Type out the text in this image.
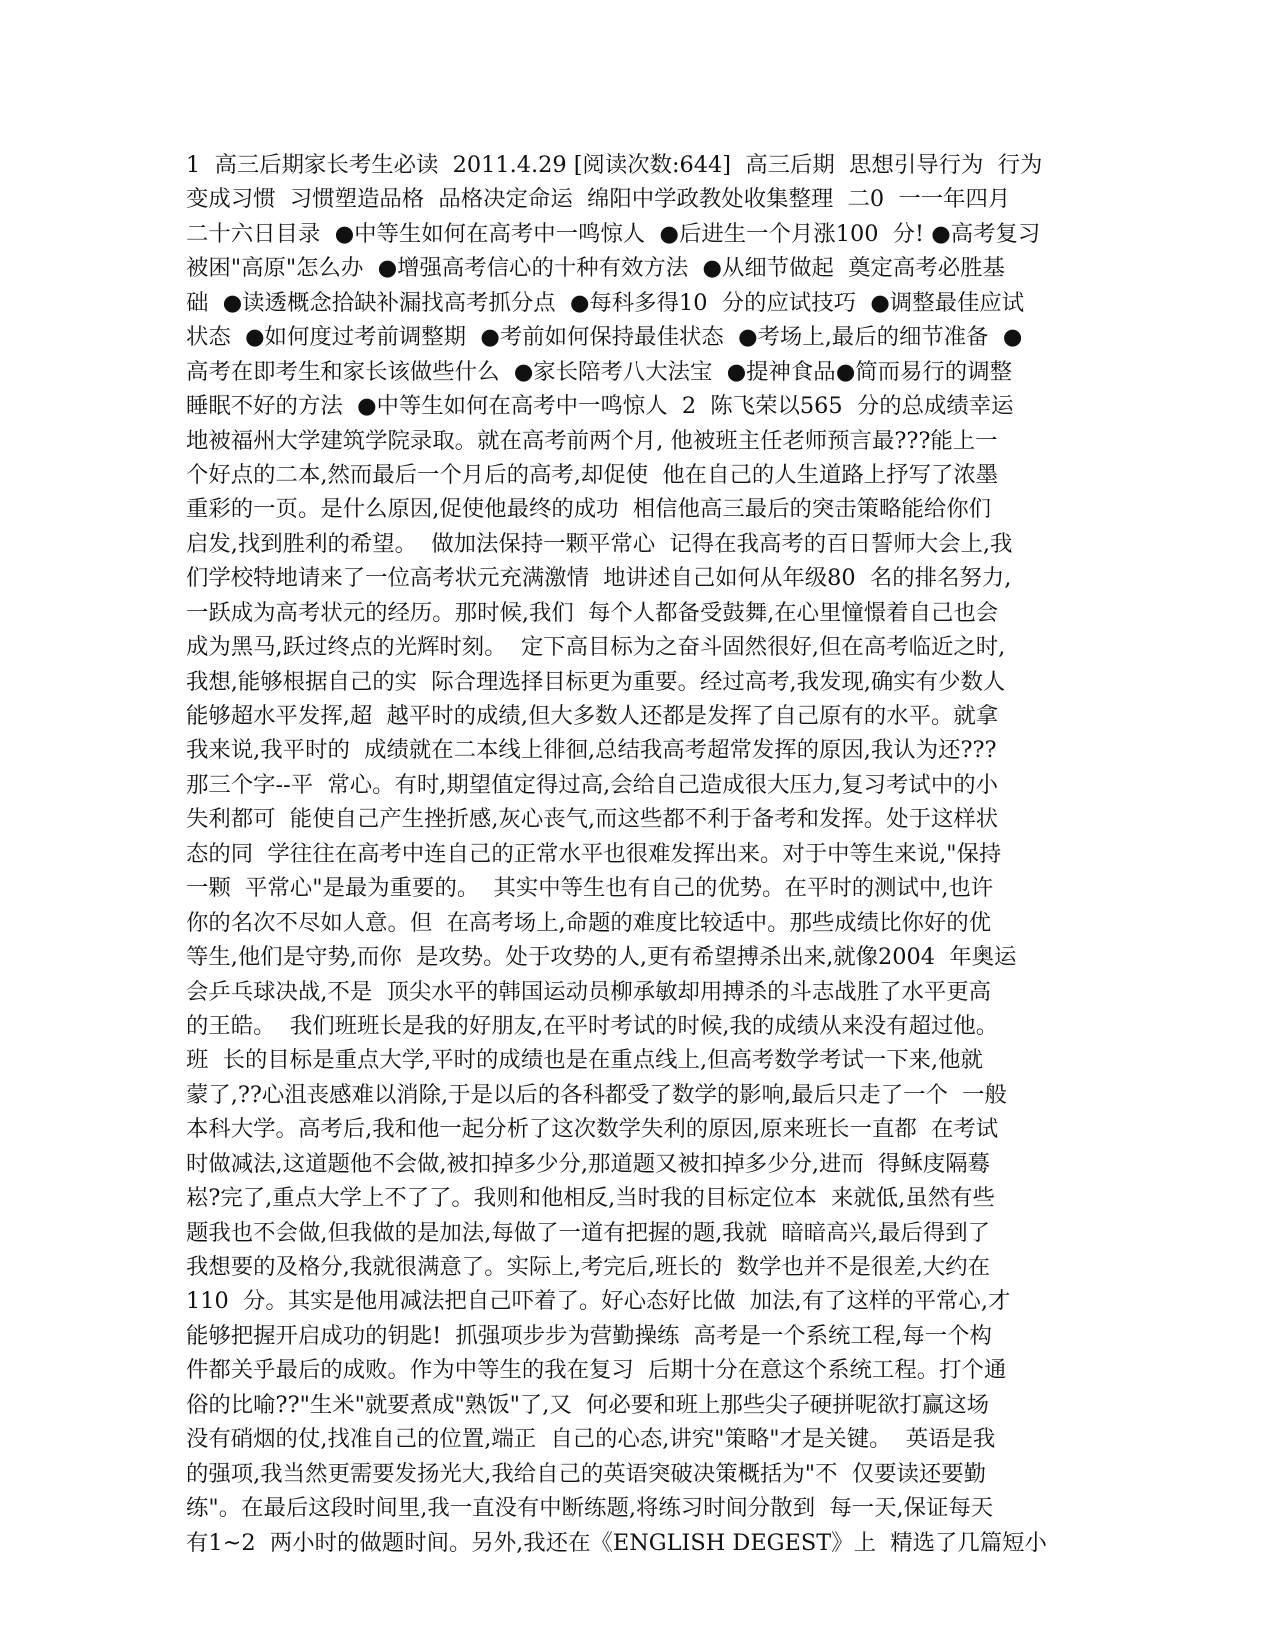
1  高三后期家长考生必读  2011.4.29 [阅读次数:644]  高三后期  思想引导行为  行为
变成习惯  习惯塑造品格  品格决定命运  绵阳中学政教处收集整理  二0  一一年四月
二十六日目录  ●中等生如何在高考中一鸣惊人  ●后进生一个月涨100  分! ●高考复习
被困"高原"怎么办  ●增强高考信心的十种有效方法  ●从细节做起  奠定高考必胜基
础  ●读透概念拾缺补漏找高考抓分点  ●每科多得10  分的应试技巧  ●调整最佳应试
状态  ●如何度过考前调整期  ●考前如何保持最佳状态  ●考场上,最后的细节准备  ●
高考在即考生和家长该做些什么  ●家长陪考八大法宝  ●提神食品●简而易行的调整
睡眠不好的方法  ●中等生如何在高考中一鸣惊人  2  陈飞荣以565  分的总成绩幸运
地被福州大学建筑学院录取。就在高考前两个月, 他被班主任老师预言最???能上一
个好点的二本,然而最后一个月后的高考,却促使  他在自己的人生道路上抒写了浓墨
重彩的一页。是什么原因,促使他最终的成功  相信他高三最后的突击策略能给你们
启发,找到胜利的希望。  做加法保持一颗平常心  记得在我高考的百日誓师大会上,我
们学校特地请来了一位高考状元充满激情  地讲述自己如何从年级80  名的排名努力,
一跃成为高考状元的经历。那时候,我们  每个人都备受鼓舞,在心里憧憬着自己也会
成为黑马,跃过终点的光辉时刻。  定下高目标为之奋斗固然很好,但在高考临近之时,
我想,能够根据自己的实  际合理选择目标更为重要。经过高考,我发现,确实有少数人
能够超水平发挥,超  越平时的成绩,但大多数人还都是发挥了自己原有的水平。就拿
我来说,我平时的  成绩就在二本线上徘徊,总结我高考超常发挥的原因,我认为还???
那三个字--平  常心。有时,期望值定得过高,会给自己造成很大压力,复习考试中的小
失利都可  能使自己产生挫折感,灰心丧气,而这些都不利于备考和发挥。处于这样状
态的同  学往往在高考中连自己的正常水平也很难发挥出来。对于中等生来说,"保持
一颗  平常心"是最为重要的。  其实中等生也有自己的优势。在平时的测试中,也许
你的名次不尽如人意。但  在高考场上,命题的难度比较适中。那些成绩比你好的优
等生,他们是守势,而你  是攻势。处于攻势的人,更有希望搏杀出来,就像2004  年奥运
会乒乓球决战,不是  顶尖水平的韩国运动员柳承敏却用搏杀的斗志战胜了水平更高
的王皓。  我们班班长是我的好朋友,在平时考试的时候,我的成绩从来没有超过他。
班  长的目标是重点大学,平时的成绩也是在重点线上,但高考数学考试一下来,他就
蒙了,??心沮丧感难以消除,于是以后的各科都受了数学的影响,最后只走了一个  一般
本科大学。高考后,我和他一起分析了这次数学失利的原因,原来班长一直都  在考试
时做减法,这道题他不会做,被扣掉多少分,那道题又被扣掉多少分,进而  得稣庋隔蓦
崧?完了,重点大学上不了了。我则和他相反,当时我的目标定位本  来就低,虽然有些
题我也不会做,但我做的是加法,每做了一道有把握的题,我就  暗暗高兴,最后得到了
我想要的及格分,我就很满意了。实际上,考完后,班长的  数学也并不是很差,大约在
110  分。其实是他用减法把自己吓着了。好心态好比做  加法,有了这样的平常心,才
能够把握开启成功的钥匙!  抓强项步步为营勤操练  高考是一个系统工程,每一个构
件都关乎最后的成败。作为中等生的我在复习  后期十分在意这个系统工程。打个通
俗的比喻??"生米"就要煮成"熟饭"了,又  何必要和班上那些尖子硬拼呢欲打赢这场
没有硝烟的仗,找准自己的位置,端正  自己的心态,讲究"策略"才是关键。  英语是我
的强项,我当然更需要发扬光大,我给自己的英语突破决策概括为"不  仅要读还要勤
练"。在最后这段时间里,我一直没有中断练题,将练习时间分散到  每一天,保证每天
有1~2  两小时的做题时间。另外,我还在《ENGLISH DEGEST》上  精选了几篇短小
